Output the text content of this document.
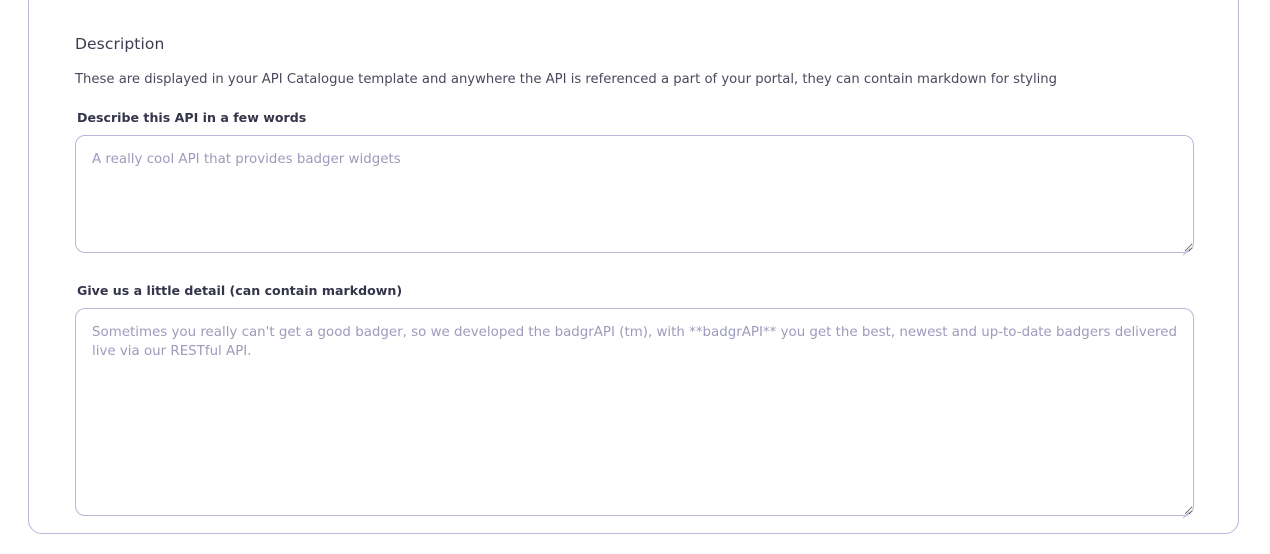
Description

These are displayed in your API Catalogue template and anywhere the API is referenced a part of your portal, they can contain markdown for styling

Describe this API in a few words
A really cool API that provides badger widgets
Give us a little detail (can contain markdown)
Sometimes you really can't get a good badger, so we developed the badgrAPI (tm), with **badgrAPI** you get the best, newest and up-to-date badgers delivered live via our RESTful API.
